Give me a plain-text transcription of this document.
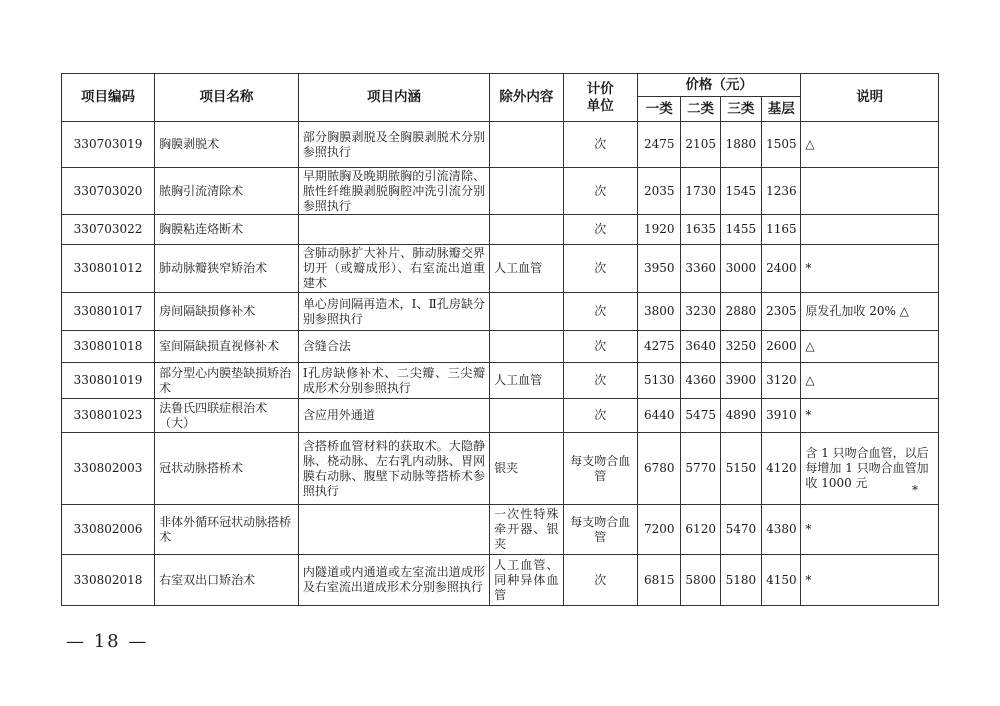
项目编码	项目名称	项目内涵	除外内容	计价单位	价格（元）				说明
					一类	二类	三类	基层	
330703019	胸膜剥脱术	部分胸膜剥脱及全胸膜剥脱术分别参照执行		次	2475	2105	1880	1505	△
330703020	脓胸引流清除术	早期脓胸及晚期脓胸的引流清除、脓性纤维膜剥脱胸腔冲洗引流分别参照执行		次	2035	1730	1545	1236	
330703022	胸膜粘连烙断术			次	1920	1635	1455	1165	
330801012	肺动脉瓣狭窄矫治术	含肺动脉扩大补片、肺动脉瓣交界切开（或瓣成形）、右室流出道重建术	人工血管	次	3950	3360	3000	2400	*
330801017	房间隔缺损修补术	单心房间隔再造术，Ⅰ、Ⅱ孔房缺分别参照执行		次	3800	3230	2880	2305	原发孔加收 20% △
330801018	室间隔缺损直视修补术	含缝合法		次	4275	3640	3250	2600	△
330801019	部分型心内膜垫缺损矫治术	Ⅰ孔房缺修补术、二尖瓣、三尖瓣成形术分别参照执行	人工血管	次	5130	4360	3900	3120	△
330801023	法鲁氏四联症根治术（大）	含应用外通道		次	6440	5475	4890	3910	*
330802003	冠状动脉搭桥术	含搭桥血管材料的获取术。大隐静脉、桡动脉、左右乳内动脉、胃网膜右动脉、腹壁下动脉等搭桥术参照执行	银夹	每支吻合血管	6780	5770	5150	4120	含 1 只吻合血管，以后每增加 1 只吻合血管加收 1000 元 *

330802006	非体外循环冠状动脉搭桥术		一次性特殊牵开器、银夹	每支吻合血管	7200	6120	5470	4380	*
330802018	右室双出口矫治术	内隧道或内通道或左室流出道成形及右室流出道成形术分别参照执行	人工血管、同种异体血管	次	6815	5800	5180	4150	*
— 18 —
